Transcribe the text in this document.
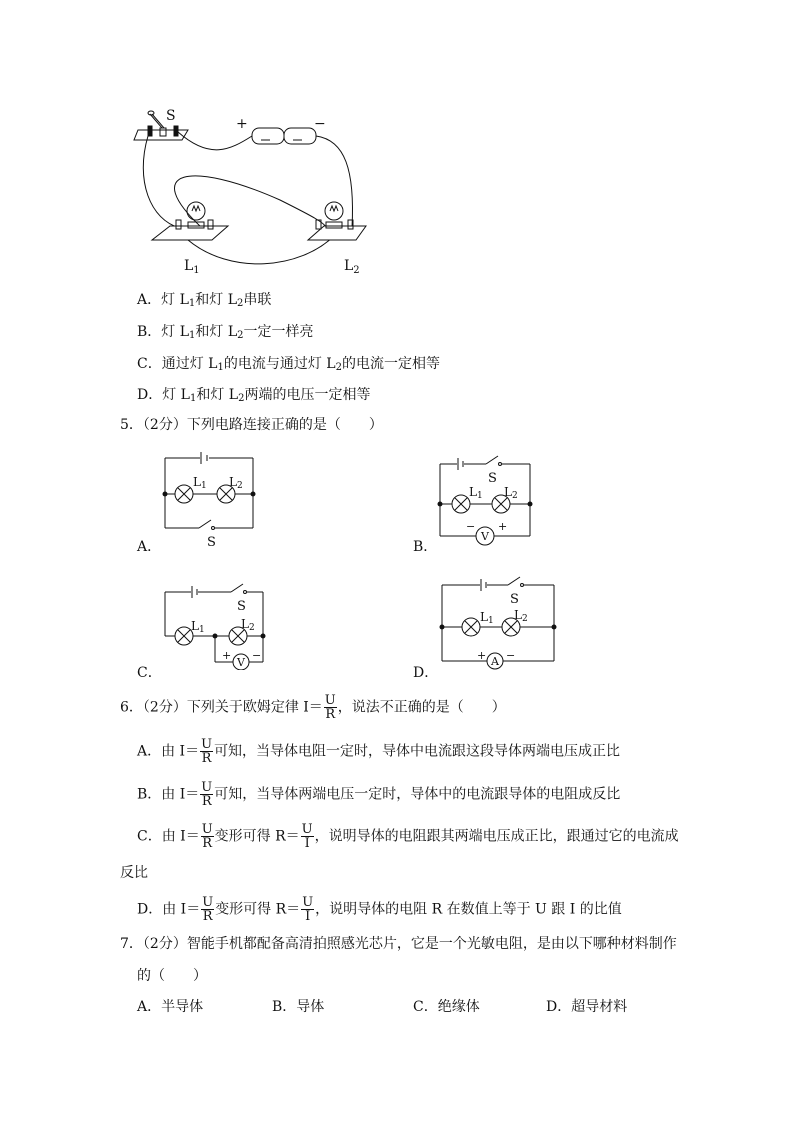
S	+	−
$L_1$	$L_2$
A．灯 $L_1$和灯 $L_2$串联
B．灯 $L_1$和灯 $L_2$一定一样亮
C．通过灯 $L_1$的电流与通过灯 $L_2$的电流一定相等
D．灯 $L_1$和灯 $L_2$两端的电压一定相等
5．（2分）下列电路连接正确的是（　　）
L1 L2
S
A．
S
L1 L2
V
− +
B．
S
L1	L2
V
+ −
C．
S
L1 L2
A
+ −
D．
6．（2分）下列关于欧姆定律 $I= \frac{U}{R}$ ，说法不正确的是（　　）
A．由 $I= \frac{U}{R}$ 可知，当导体电阻一定时，导体中电流跟这段导体两端电压成正比
B．由 $I= \frac{U}{R}$ 可知，当导体两端电压一定时，导体中的电流跟导体的电阻成反比
C．由 $I= \frac{U}{R}$ 变形可得 $R= \frac{U}{I}$ ，说明导体的电阻跟其两端电压成正比，跟通过它的电流成
反比
D．由 $I= \frac{U}{R}$ 变形可得 $R= \frac{U}{I}$ ，说明导体的电阻 R 在数值上等于 U 跟 I 的比值
7．（2分）智能手机都配备高清拍照感光芯片，它是一个光敏电阻，是由以下哪种材料制作
的（　　）
A．半导体	B．导体	C．绝缘体	D．超导材料
